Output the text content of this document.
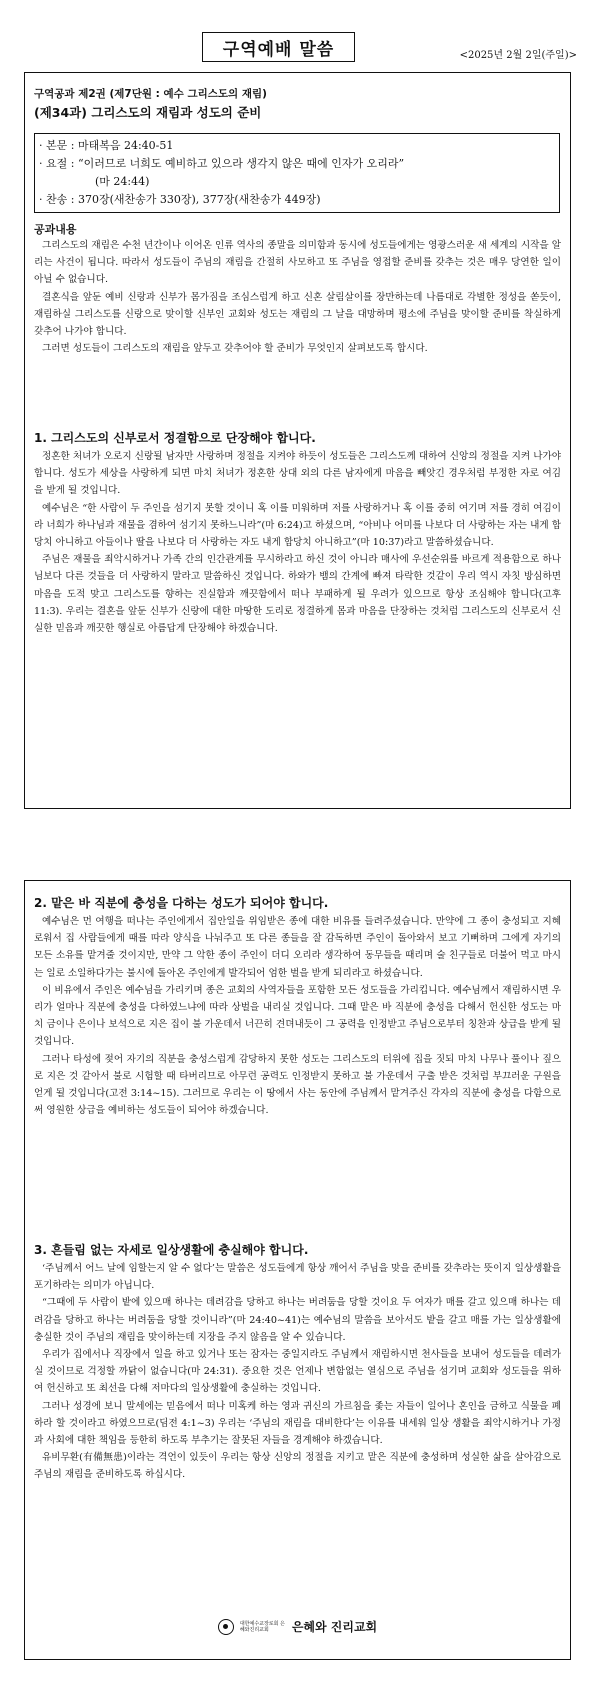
구역예배 말씀	<2025년 2월 2일(주일)>

구역공과 제2권 (제7단원 : 예수 그리스도의 재림)

(제34과) 그리스도의 재림과 성도의 준비

· 본문 : 마태복음 24:40-51
· 요절 : “이러므로 너희도 예비하고 있으라 생각지 않은 때에 인자가 오리라”
(마 24:44)
· 찬송 : 370장(새찬송가 330장), 377장(새찬송가 449장)

공과내용

그리스도의 재림은 수천 년간이나 이어온 인류 역사의 종말을 의미함과 동시에 성도들에게는 영광스러운 새 세계의 시작을 알리는 사건이 됩니다. 따라서 성도들이 주님의 재림을 간절히 사모하고 또 주님을 영접할 준비를 갖추는 것은 매우 당연한 일이 아닐 수 없습니다.

결혼식을 앞둔 예비 신랑과 신부가 몸가짐을 조심스럽게 하고 신혼 살림살이를 장만하는데 나름대로 각별한 정성을 쏟듯이, 재림하실 그리스도를 신랑으로 맞이할 신부인 교회와 성도는 재림의 그 날을 대망하며 평소에 주님을 맞이할 준비를 착실하게 갖추어 나가야 합니다.

그러면 성도들이 그리스도의 재림을 앞두고 갖추어야 할 준비가 무엇인지 살펴보도록 합시다.

1. 그리스도의 신부로서 정결함으로 단장해야 합니다.

정혼한 처녀가 오로지 신랑될 남자만 사랑하며 정절을 지켜야 하듯이 성도들은 그리스도께 대하여 신앙의 정절을 지켜 나가야 합니다. 성도가 세상을 사랑하게 되면 마치 처녀가 정혼한 상대 외의 다른 남자에게 마음을 빼앗긴 경우처럼 부정한 자로 여김을 받게 될 것입니다.

예수님은 “한 사람이 두 주인을 섬기지 못할 것이니 혹 이를 미워하며 저를 사랑하거나 혹 이를 중히 여기며 저를 경히 여김이라 너희가 하나님과 재물을 겸하여 섬기지 못하느니라”(마 6:24)고 하셨으며, “아비나 어미를 나보다 더 사랑하는 자는 내게 합당치 아니하고 아들이나 딸을 나보다 더 사랑하는 자도 내게 합당치 아니하고”(마 10:37)라고 말씀하셨습니다.

주님은 재물을 죄악시하거나 가족 간의 인간관계를 무시하라고 하신 것이 아니라 매사에 우선순위를 바르게 적용함으로 하나님보다 다른 것들을 더 사랑하지 말라고 말씀하신 것입니다. 하와가 뱀의 간계에 빠져 타락한 것같이 우리 역시 자칫 방심하면 마음을 도적 맞고 그리스도를 향하는 진실함과 깨끗함에서 떠나 부패하게 될 우려가 있으므로 항상 조심해야 합니다(고후 11:3). 우리는 결혼을 앞둔 신부가 신랑에 대한 마땅한 도리로 정결하게 몸과 마음을 단장하는 것처럼 그리스도의 신부로서 신실한 믿음과 깨끗한 행실로 아름답게 단장해야 하겠습니다.

2. 맡은 바 직분에 충성을 다하는 성도가 되어야 합니다.

예수님은 먼 여행을 떠나는 주인에게서 집안일을 위임받은 종에 대한 비유를 들려주셨습니다. 만약에 그 종이 충성되고 지혜로워서 집 사람들에게 때를 따라 양식을 나눠주고 또 다른 종들을 잘 감독하면 주인이 돌아와서 보고 기뻐하며 그에게 자기의 모든 소유를 맡겨줄 것이지만, 만약 그 악한 종이 주인이 더디 오리라 생각하여 동무들을 때리며 술 친구들로 더불어 먹고 마시는 일로 소일하다가는 불시에 돌아온 주인에게 발각되어 엄한 벌을 받게 되리라고 하셨습니다.

이 비유에서 주인은 예수님을 가리키며 종은 교회의 사역자들을 포함한 모든 성도들을 가리킵니다. 예수님께서 재림하시면 우리가 얼마나 직분에 충성을 다하였느냐에 따라 상벌을 내리실 것입니다. 그때 맡은 바 직분에 충성을 다해서 헌신한 성도는 마치 금이나 은이나 보석으로 지은 집이 불 가운데서 너끈히 견뎌내듯이 그 공력을 인정받고 주님으로부터 칭찬과 상급을 받게 될 것입니다.

그러나 타성에 젖어 자기의 직분을 충성스럽게 감당하지 못한 성도는 그리스도의 터위에 집을 짓되 마치 나무나 풀이나 짚으로 지은 것 같아서 불로 시험할 때 타버리므로 아무런 공력도 인정받지 못하고 불 가운데서 구출 받은 것처럼 부끄러운 구원을 얻게 될 것입니다(고전 3:14~15). 그러므로 우리는 이 땅에서 사는 동안에 주님께서 맡겨주신 각자의 직분에 충성을 다함으로써 영원한 상급을 예비하는 성도들이 되어야 하겠습니다.

3. 흔들림 없는 자세로 일상생활에 충실해야 합니다.

‘주님께서 어느 날에 임할는지 알 수 없다’는 말씀은 성도들에게 항상 깨어서 주님을 맞을 준비를 갖추라는 뜻이지 일상생활을 포기하라는 의미가 아닙니다.

“그때에 두 사람이 밭에 있으매 하나는 데려감을 당하고 하나는 버려둠을 당할 것이요 두 여자가 매를 갈고 있으매 하나는 데려감을 당하고 하나는 버려둠을 당할 것이니라”(마 24:40~41)는 예수님의 말씀을 보아서도 밭을 갈고 매를 가는 일상생활에 충실한 것이 주님의 재림을 맞이하는데 지장을 주지 않음을 알 수 있습니다.

우리가 집에서나 직장에서 일을 하고 있거나 또는 잠자는 중일지라도 주님께서 재림하시면 천사들을 보내어 성도들을 데려가실 것이므로 걱정할 까닭이 없습니다(마 24:31). 중요한 것은 언제나 변함없는 열심으로 주님을 섬기며 교회와 성도들을 위하여 헌신하고 또 최선을 다해 저마다의 일상생활에 충실하는 것입니다.

그러나 성경에 보니 말세에는 믿음에서 떠나 미혹케 하는 영과 귀신의 가르침을 좇는 자들이 일어나 혼인을 금하고 식물을 폐하라 할 것이라고 하였으므로(딤전 4:1~3) 우리는 ‘주님의 재림을 대비한다’는 이유를 내세워 일상 생활을 죄악시하거나 가정과 사회에 대한 책임을 등한히 하도록 부추기는 잘못된 자들을 경계해야 하겠습니다.

유비무환(有備無患)이라는 격언이 있듯이 우리는 항상 신앙의 정절을 지키고 맡은 직분에 충성하며 성실한 삶을 살아감으로 주님의 재림을 준비하도록 하십시다.

대한예수교장로회 은혜와진리교회	은혜와 진리교회
